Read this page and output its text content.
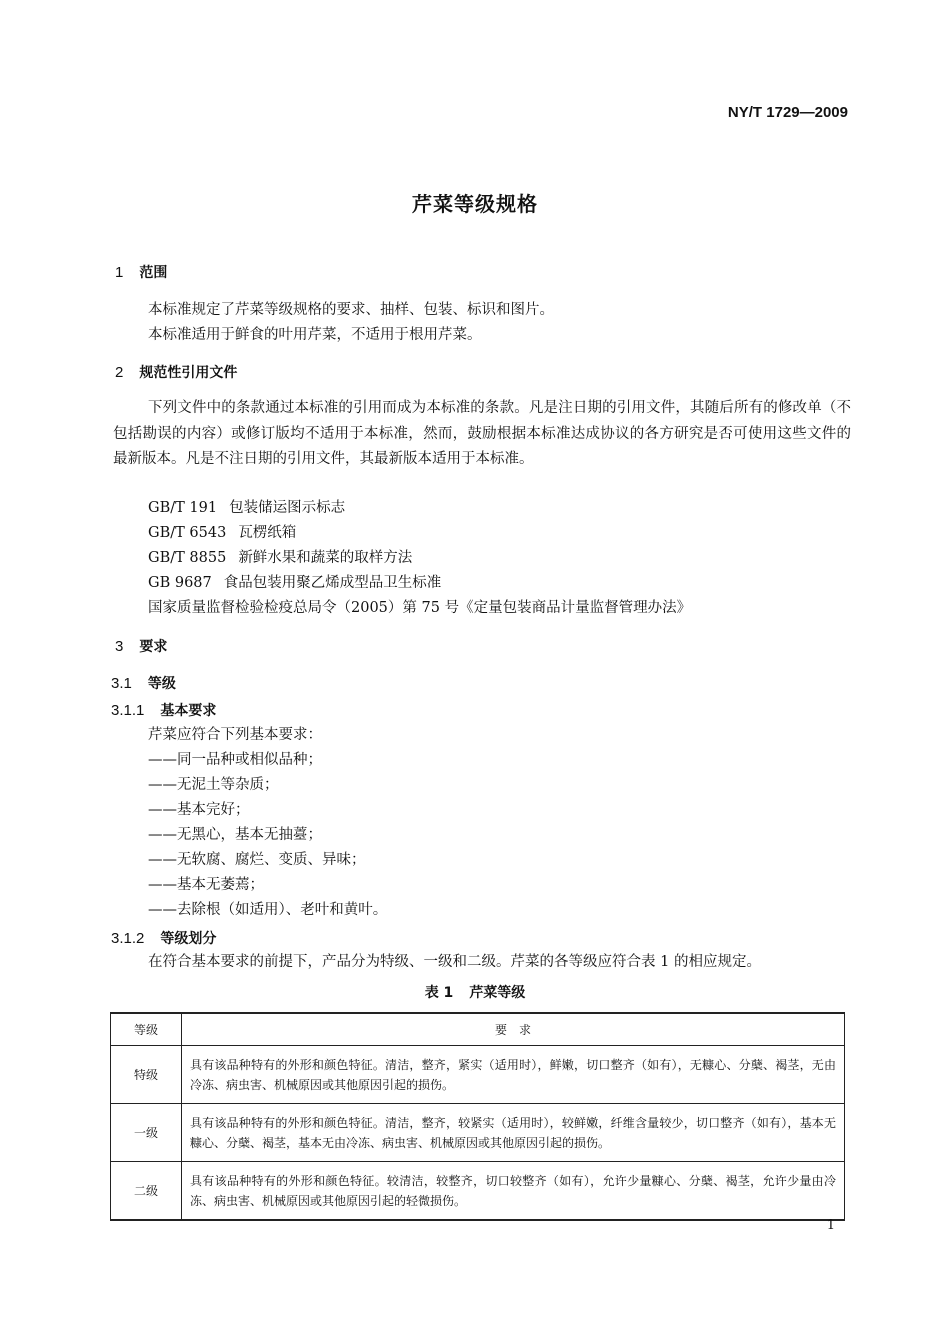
NY/T 1729—2009
芹菜等级规格
1 范围

本标准规定了芹菜等级规格的要求、抽样、包装、标识和图片。

本标准适用于鲜食的叶用芹菜，不适用于根用芹菜。

2 规范性引用文件

下列文件中的条款通过本标准的引用而成为本标准的条款。凡是注日期的引用文件，其随后所有的修改单（不包括勘误的内容）或修订版均不适用于本标准，然而，鼓励根据本标准达成协议的各方研究是否可使用这些文件的最新版本。凡是不注日期的引用文件，其最新版本适用于本标准。

GB/T 191 包装储运图示标志
GB/T 6543 瓦楞纸箱
GB/T 8855 新鲜水果和蔬菜的取样方法
GB 9687 食品包装用聚乙烯成型品卫生标准

国家质量监督检验检疫总局令（2005）第 75 号《定量包装商品计量监督管理办法》

3 要求
3.1 等级
3.1.1 基本要求

芹菜应符合下列基本要求：

——同一品种或相似品种；

——无泥土等杂质；

——基本完好；

——无黑心，基本无抽薹；

——无软腐、腐烂、变质、异味；

——基本无萎蔫；

——去除根（如适用）、老叶和黄叶。

3.1.2 等级划分

在符合基本要求的前提下，产品分为特级、一级和二级。芹菜的各等级应符合表 1 的相应规定。

表 1 芹菜等级
等级	要　求
特级	具有该品种特有的外形和颜色特征。清洁，整齐，紧实（适用时），鲜嫩，切口整齐（如有），无糠心、分蘖、褐茎，无由冷冻、病虫害、机械原因或其他原因引起的损伤。
一级	具有该品种特有的外形和颜色特征。清洁，整齐，较紧实（适用时），较鲜嫩，纤维含量较少，切口整齐（如有），基本无糠心、分蘖、褐茎，基本无由冷冻、病虫害、机械原因或其他原因引起的损伤。
二级	具有该品种特有的外形和颜色特征。较清洁，较整齐，切口较整齐（如有），允许少量糠心、分蘖、褐茎，允许少量由冷冻、病虫害、机械原因或其他原因引起的轻微损伤。
1
